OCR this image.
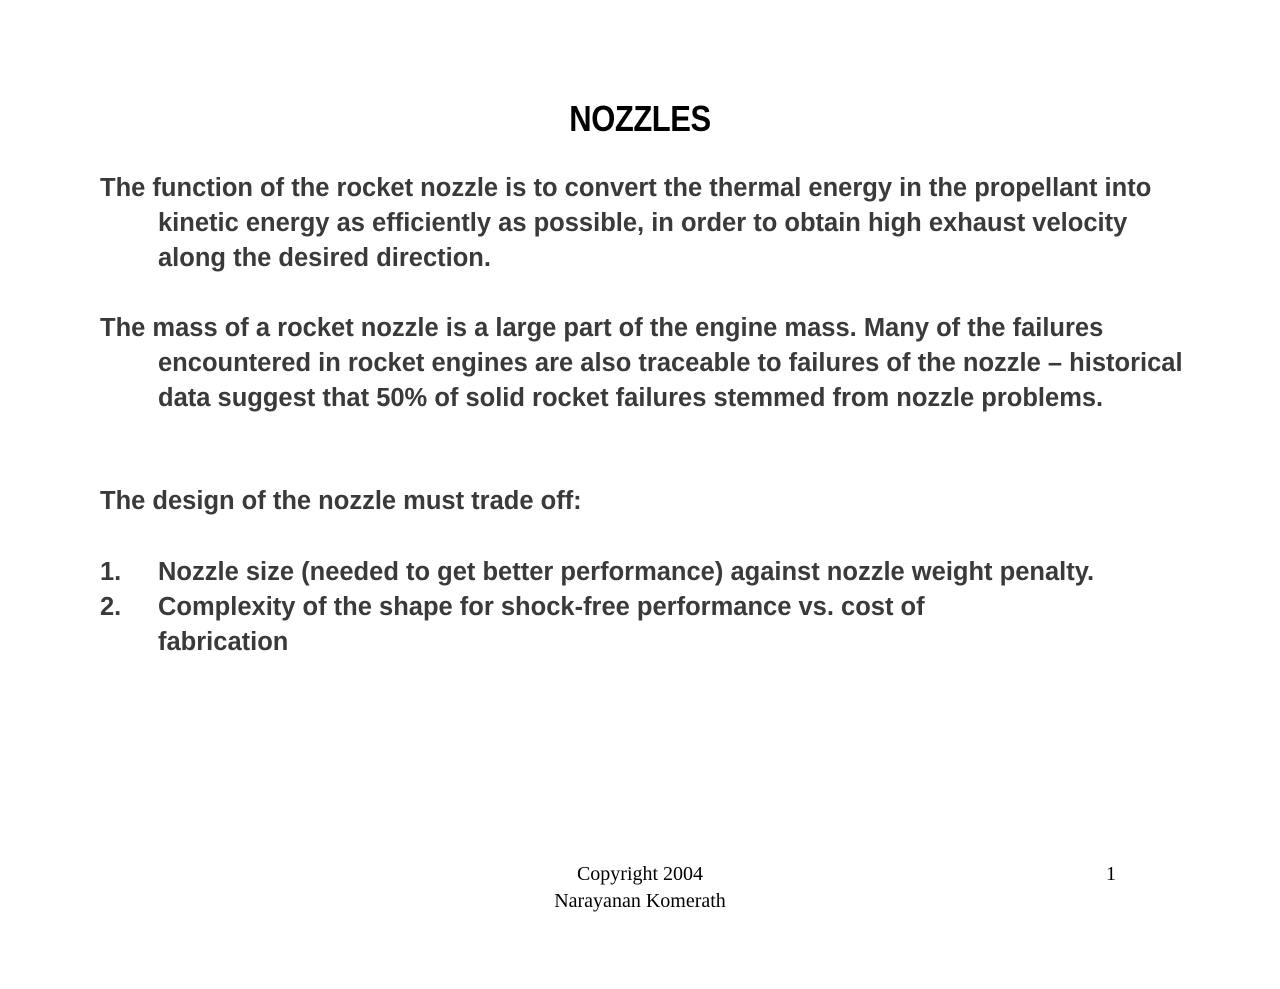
NOZZLES

The function of the rocket nozzle is to convert the thermal energy in the propellant into kinetic energy as efficiently as possible, in order to obtain high exhaust velocity along the desired direction.

The mass of a rocket nozzle is a large part of the engine mass. Many of the failures encountered in rocket engines are also traceable to failures of the nozzle – historical data suggest that 50% of solid rocket failures stemmed from nozzle problems.

The design of the nozzle must trade off:

1. Nozzle size (needed to get better performance) against nozzle weight penalty.
2. Complexity of the shape for shock-free performance vs. cost of fabrication
Copyright 2004
Narayanan Komerath
1
